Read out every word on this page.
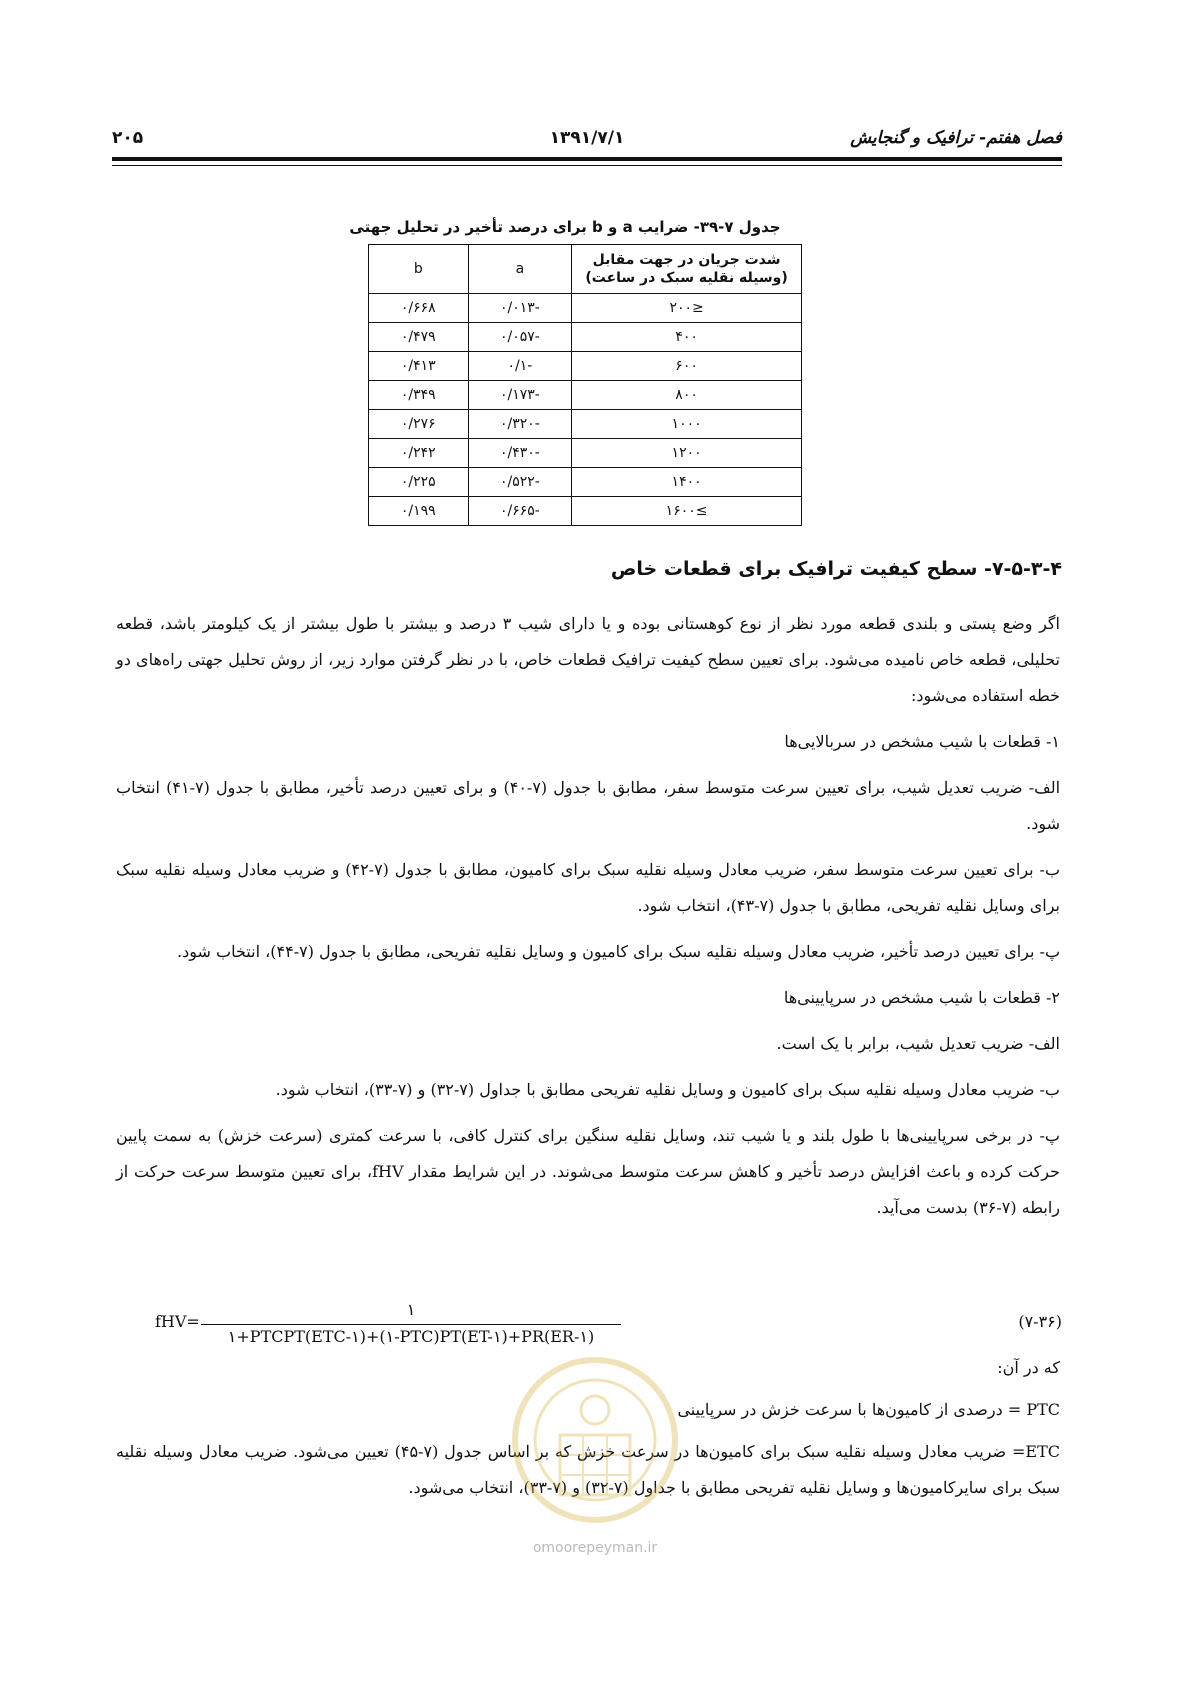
فصل هفتم- ترافیک و گنجایش
۱۳۹۱/۷/۱
۲۰۵
جدول ۷-۳۹- ضرایب a و b برای درصد تأخیر در تحلیل جهتی
شدت جریان در جهت مقابل (وسیله نقلیه سبک در ساعت)	a	b
≤۲۰۰	-۰/۰۱۳	۰/۶۶۸
۴۰۰	-۰/۰۵۷	۰/۴۷۹
۶۰۰	-۰/۱	۰/۴۱۳
۸۰۰	-۰/۱۷۳	۰/۳۴۹
۱۰۰۰	-۰/۳۲۰	۰/۲۷۶
۱۲۰۰	-۰/۴۳۰	۰/۲۴۲
۱۴۰۰	-۰/۵۲۲	۰/۲۲۵
≥۱۶۰۰	-۰/۶۶۵	۰/۱۹۹
۷-۵-۳-۴- سطح کیفیت ترافیک برای قطعات خاص

اگر وضع پستی و بلندی قطعه مورد نظر از نوع کوهستانی بوده و یا دارای شیب ۳ درصد و بیشتر با طول بیشتر از یک کیلومتر باشد، قطعه تحلیلی، قطعه خاص نامیده می‌شود. برای تعیین سطح کیفیت ترافیک قطعات خاص، با در نظر گرفتن موارد زیر، از روش تحلیل جهتی راه‌های دو خطه استفاده می‌شود:

۱- قطعات با شیب مشخص در سربالایی‌ها

الف- ضریب تعدیل شیب، برای تعیین سرعت متوسط سفر، مطابق با جدول (۷-۴۰) و برای تعیین درصد تأخیر، مطابق با جدول (۷-۴۱) انتخاب شود.

ب- برای تعیین سرعت متوسط سفر، ضریب معادل وسیله نقلیه سبک برای کامیون، مطابق با جدول (۷-۴۲) و ضریب معادل وسیله نقلیه سبک برای وسایل نقلیه تفریحی، مطابق با جدول (۷-۴۳)، انتخاب شود.

پ- برای تعیین درصد تأخیر، ضریب معادل وسیله نقلیه سبک برای کامیون و وسایل نقلیه تفریحی، مطابق با جدول (۷-۴۴)، انتخاب شود.

۲- قطعات با شیب مشخص در سرپایینی‌ها

الف- ضریب تعدیل شیب، برابر با یک است.

ب- ضریب معادل وسیله نقلیه سبک برای کامیون و وسایل نقلیه تفریحی مطابق با جداول (۷-۳۲) و (۷-۳۳)، انتخاب شود.

پ- در برخی سرپایینی‌ها با طول بلند و یا شیب تند، وسایل نقلیه سنگین برای کنترل کافی، با سرعت کمتری (سرعت خزش) به سمت پایین حرکت کرده و باعث افزایش درصد تأخیر و کاهش سرعت متوسط می‌شوند. در این شرایط مقدار fHV، برای تعیین متوسط سرعت حرکت از رابطه (۷-۳۶) بدست می‌آید.

fHV=
۱
۱+PTCPT(ETC-۱)+(۱-PTC)PT(ET-۱)+PR(ER-۱)
(۷-۳۶)

که در آن:

PTC = درصدی از کامیون‌ها با سرعت خزش در سرپایینی

ETC= ضریب معادل وسیله نقلیه سبک برای کامیون‌ها در سرعت خزش که بر اساس جدول (۷-۴۵) تعیین می‌شود. ضریب معادل وسیله نقلیه سبک برای سایرکامیون‌ها و وسایل نقلیه تفریحی مطابق با جداول (۷-۳۲) و (۷-۳۳)، انتخاب می‌شود.

omoorepeyman.ir
